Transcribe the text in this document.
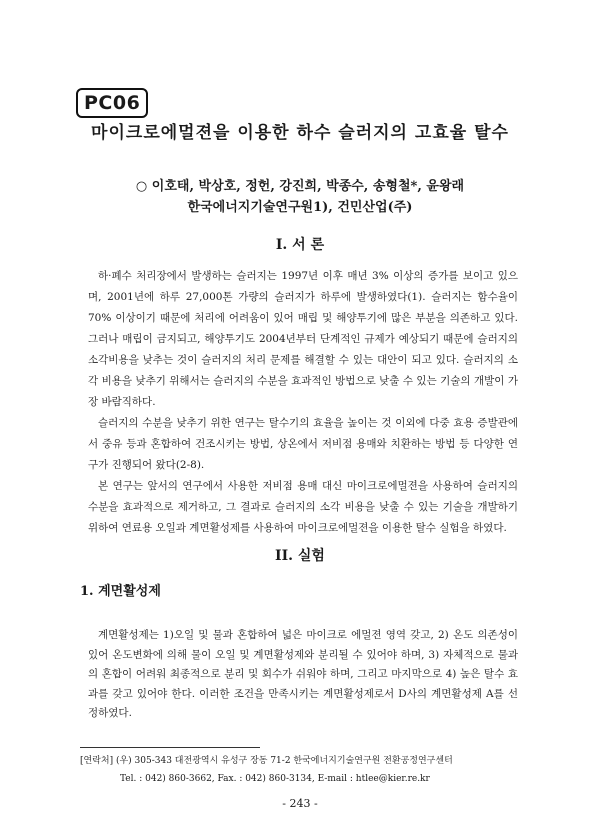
PC06
마이크로에멀젼을 이용한 하수 슬러지의 고효율 탈수
○ 이호태, 박상호, 정헌, 강진희, 박종수, 송형철*, 윤왕래
한국에너지기술연구원1), 건민산업(주)
I. 서 론

하·폐수 처리장에서 발생하는 슬러지는 1997년 이후 매년 3% 이상의 증가를 보이고 있으며, 2001년에 하루 27,000톤 가량의 슬러지가 하루에 발생하였다(1). 슬러지는 함수율이 70% 이상이기 때문에 처리에 어려움이 있어 매립 및 해양투기에 많은 부분을 의존하고 있다. 그러나 매립이 금지되고, 해양투기도 2004년부터 단계적인 규제가 예상되기 때문에 슬러지의 소각비용을 낮추는 것이 슬러지의 처리 문제를 해결할 수 있는 대안이 되고 있다. 슬러지의 소각 비용을 낮추기 위해서는 슬러지의 수분을 효과적인 방법으로 낮출 수 있는 기술의 개발이 가장 바람직하다.

슬러지의 수분을 낮추기 위한 연구는 탈수기의 효율을 높이는 것 이외에 다중 효용 증발관에서 중유 등과 혼합하여 건조시키는 방법, 상온에서 저비점 용매와 치환하는 방법 등 다양한 연구가 진행되어 왔다(2-8).

본 연구는 앞서의 연구에서 사용한 저비점 용매 대신 마이크로에멀젼을 사용하여 슬러지의 수분을 효과적으로 제거하고, 그 결과로 슬러지의 소각 비용을 낮출 수 있는 기술을 개발하기 위하여 연료용 오일과 계면활성제를 사용하여 마이크로에멀젼을 이용한 탈수 실험을 하였다.

II. 실험
1. 계면활성제

계면활성제는 1)오일 및 물과 혼합하여 넓은 마이크로 에멀젼 영역 갖고, 2) 온도 의존성이 있어 온도변화에 의해 물이 오일 및 계면활성제와 분리될 수 있어야 하며, 3) 자체적으로 물과의 혼합이 어려워 최종적으로 분리 및 회수가 쉬워야 하며, 그리고 마지막으로 4) 높은 탈수 효과를 갖고 있어야 한다. 이러한 조건을 만족시키는 계면활성제로서 D사의 계면활성제 A를 선정하였다.

[연락처] (우) 305-343 대전광역시 유성구 장동 71-2 한국에너지기술연구원 전환공정연구센터
Tel. : 042) 860-3662, Fax. : 042) 860-3134, E-mail : htlee@kier.re.kr
- 243 -
